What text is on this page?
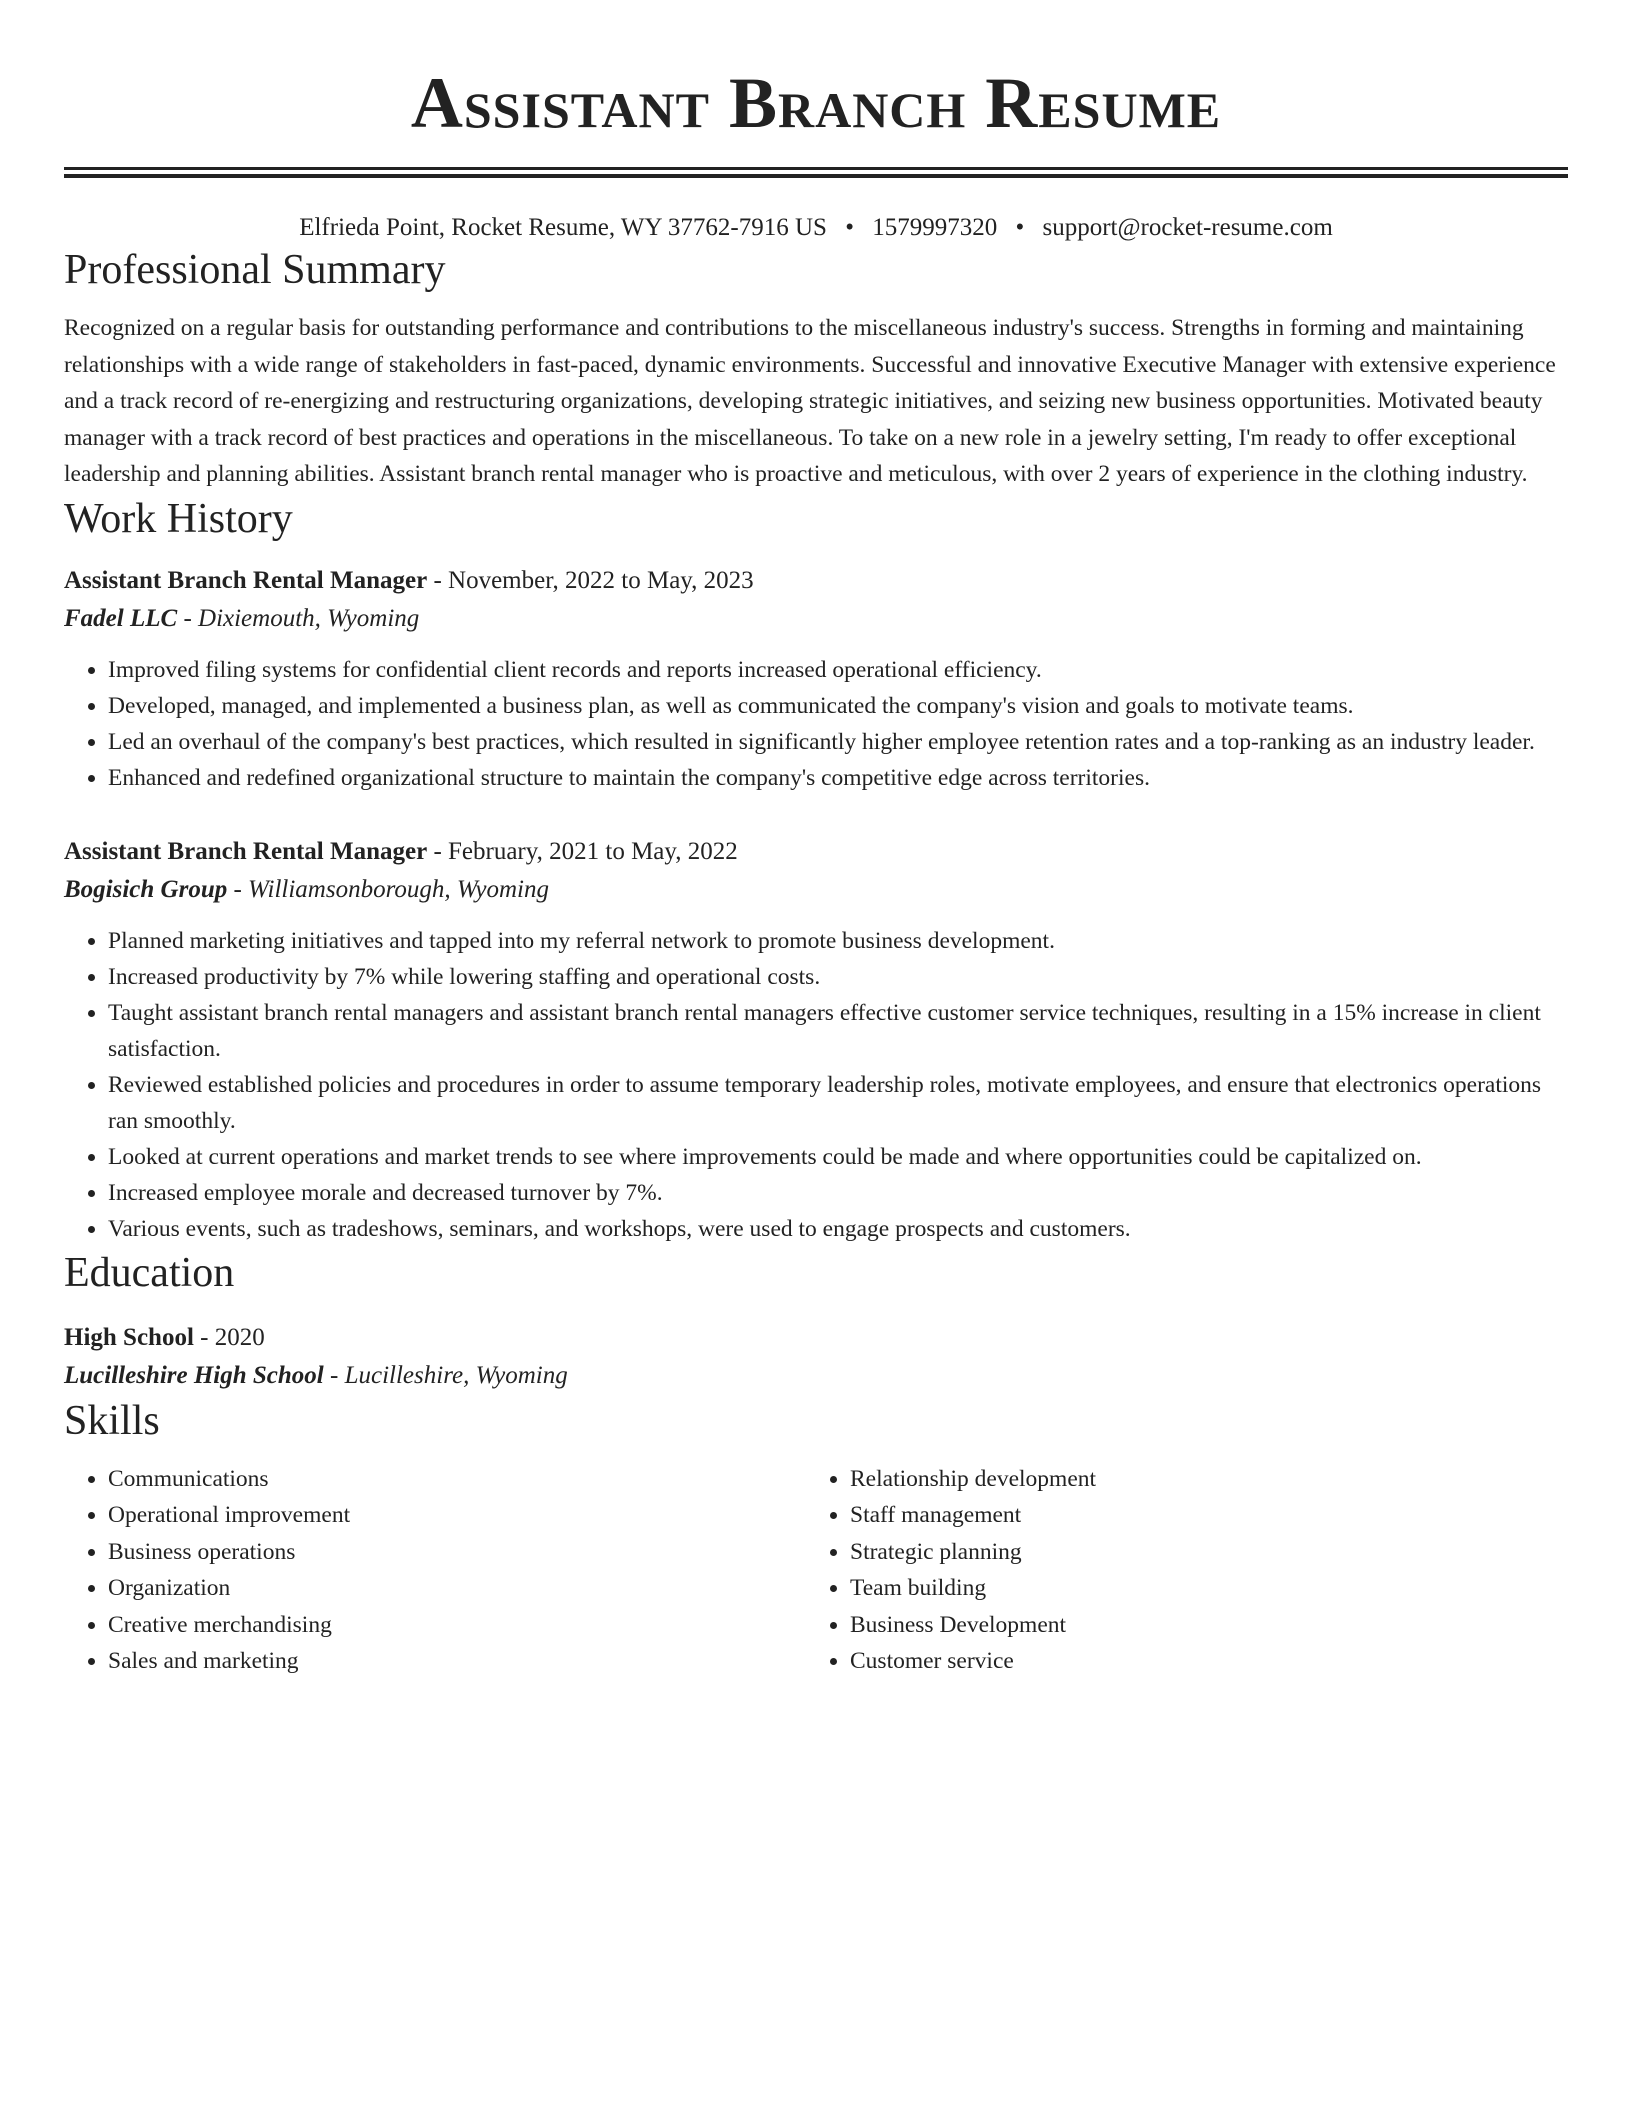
Assistant Branch Resume
Elfrieda Point, Rocket Resume, WY 37762-7916 US • 1579997320 • support@rocket-resume.com
Professional Summary

Recognized on a regular basis for outstanding performance and contributions to the miscellaneous industry's success. Strengths in forming and maintaining relationships with a wide range of stakeholders in fast-paced, dynamic environments. Successful and innovative Executive Manager with extensive experience and a track record of re-energizing and restructuring organizations, developing strategic initiatives, and seizing new business opportunities. Motivated beauty manager with a track record of best practices and operations in the miscellaneous. To take on a new role in a jewelry setting, I'm ready to offer exceptional leadership and planning abilities. Assistant branch rental manager who is proactive and meticulous, with over 2 years of experience in the clothing industry.

Work History
Assistant Branch Rental Manager - November, 2022 to May, 2023
Fadel LLC - Dixiemouth, Wyoming
• Improved filing systems for confidential client records and reports increased operational efficiency.
• Developed, managed, and implemented a business plan, as well as communicated the company's vision and goals to motivate teams.
• Led an overhaul of the company's best practices, which resulted in significantly higher employee retention rates and a top-ranking as an industry leader.
• Enhanced and redefined organizational structure to maintain the company's competitive edge across territories.
Assistant Branch Rental Manager - February, 2021 to May, 2022
Bogisich Group - Williamsonborough, Wyoming
• Planned marketing initiatives and tapped into my referral network to promote business development.
• Increased productivity by 7% while lowering staffing and operational costs.
• Taught assistant branch rental managers and assistant branch rental managers effective customer service techniques, resulting in a 15% increase in client satisfaction.
• Reviewed established policies and procedures in order to assume temporary leadership roles, motivate employees, and ensure that electronics operations ran smoothly.
• Looked at current operations and market trends to see where improvements could be made and where opportunities could be capitalized on.
• Increased employee morale and decreased turnover by 7%.
• Various events, such as tradeshows, seminars, and workshops, were used to engage prospects and customers.
Education
High School - 2020
Lucilleshire High School - Lucilleshire, Wyoming
Skills
• Communications
• Operational improvement
• Business operations
• Organization
• Creative merchandising
• Sales and marketing
• Relationship development
• Staff management
• Strategic planning
• Team building
• Business Development
• Customer service
